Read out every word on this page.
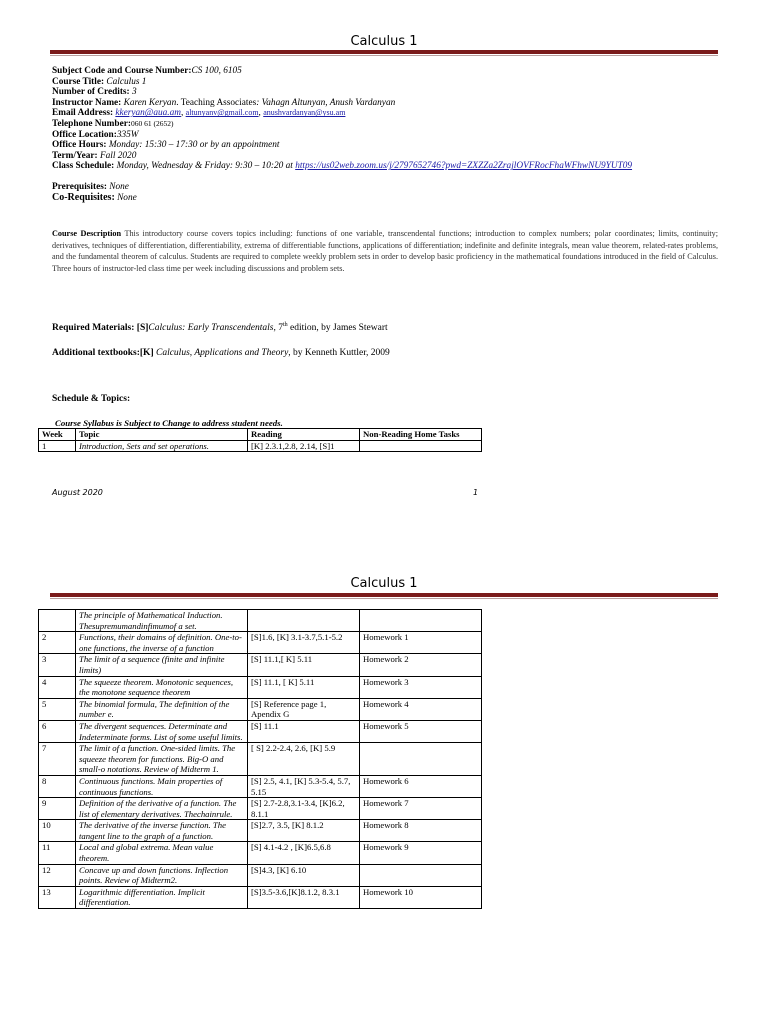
Calculus 1
Subject Code and Course Number:CS 100, 6105
Course Title: Calculus 1
Number of Credits: 3
Instructor Name: Karen Keryan. Teaching Associates: Vahagn Altunyan, Anush Vardanyan
Email Address: kkeryan@aua.am, altunyanv@gmail.com, anushvardanyan@ysu.am
Telephone Number:060 61 (2652)
Office Location:335W
Office Hours: Monday: 15:30 – 17:30 or by an appointment
Term/Year: Fall 2020
Class Schedule: Monday, Wednesday & Friday: 9:30 – 10:20 at https://us02web.zoom.us/j/2797652746?pwd=ZXZZa2ZrajlOVFRocFhaWFhwNU9YUT09
Prerequisites: None
Co-Requisites: None
Course Description This introductory course covers topics including: functions of one variable, transcendental functions; introduction to complex numbers; polar coordinates; limits, continuity; derivatives, techniques of differentiation, differentiability, extrema of differentiable functions, applications of differentiation; indefinite and definite integrals, mean value theorem, related-rates problems, and the fundamental theorem of calculus. Students are required to complete weekly problem sets in order to develop basic proficiency in the mathematical foundations introduced in the field of Calculus. Three hours of instructor-led class time per week including discussions and problem sets.
Required Materials: [S]Calculus: Early Transcendentals, 7th edition, by James Stewart
Additional textbooks:[K] Calculus, Applications and Theory, by Kenneth Kuttler, 2009
Schedule & Topics:
Course Syllabus is Subject to Change to address student needs.
Week	Topic	Reading	Non-Reading Home Tasks
1	Introduction, Sets and set operations.	[K] 2.3.1,2.8, 2.14, [S]1	
August 2020	1
Calculus 1
	The principle of Mathematical Induction. Thesupremumandinfimumof a set.		
2	Functions, their domains of definition. One-to-one functions, the inverse of a function	[S]1.6, [K] 3.1-3.7,5.1-5.2	Homework 1
3	The limit of a sequence (finite and infinite limits)	[S] 11.1,[ K] 5.11	Homework 2
4	The squeeze theorem. Monotonic sequences, the monotone sequence theorem	[S] 11.1, [ K] 5.11	Homework 3
5	The binomial formula, The definition of the number e.	[S] Reference page 1, Apendix G	Homework 4
6	The divergent sequences. Determinate and Indeterminate forms. List of some useful limits.	[S] 11.1	Homework 5
7	The limit of a function. One-sided limits. The squeeze theorem for functions. Big-O and small-o notations. Review of Midterm 1.	[ S] 2.2-2.4, 2.6, [K] 5.9	
8	Continuous functions. Main properties of continuous functions.	[S] 2.5, 4.1, [K] 5.3-5.4, 5.7, 5.15	Homework 6
9	Definition of the derivative of a function. The list of elementary derivatives. Thechainrule.	[S] 2.7-2.8,3.1-3.4, [K]6.2, 8.1.1	Homework 7
10	The derivative of the inverse function. The tangent line to the graph of a function.	[S]2.7, 3.5, [K] 8.1.2	Homework 8
11	Local and global extrema. Mean value theorem.	[S] 4.1-4.2 , [K]6.5,6.8	Homework 9
12	Concave up and down functions. Inflection points. Review of Midterm2.	[S]4.3, [K] 6.10	
13	Logarithmic differentiation. Implicit differentiation.	[S]3.5-3.6,[K]8.1.2, 8.3.1	Homework 10
